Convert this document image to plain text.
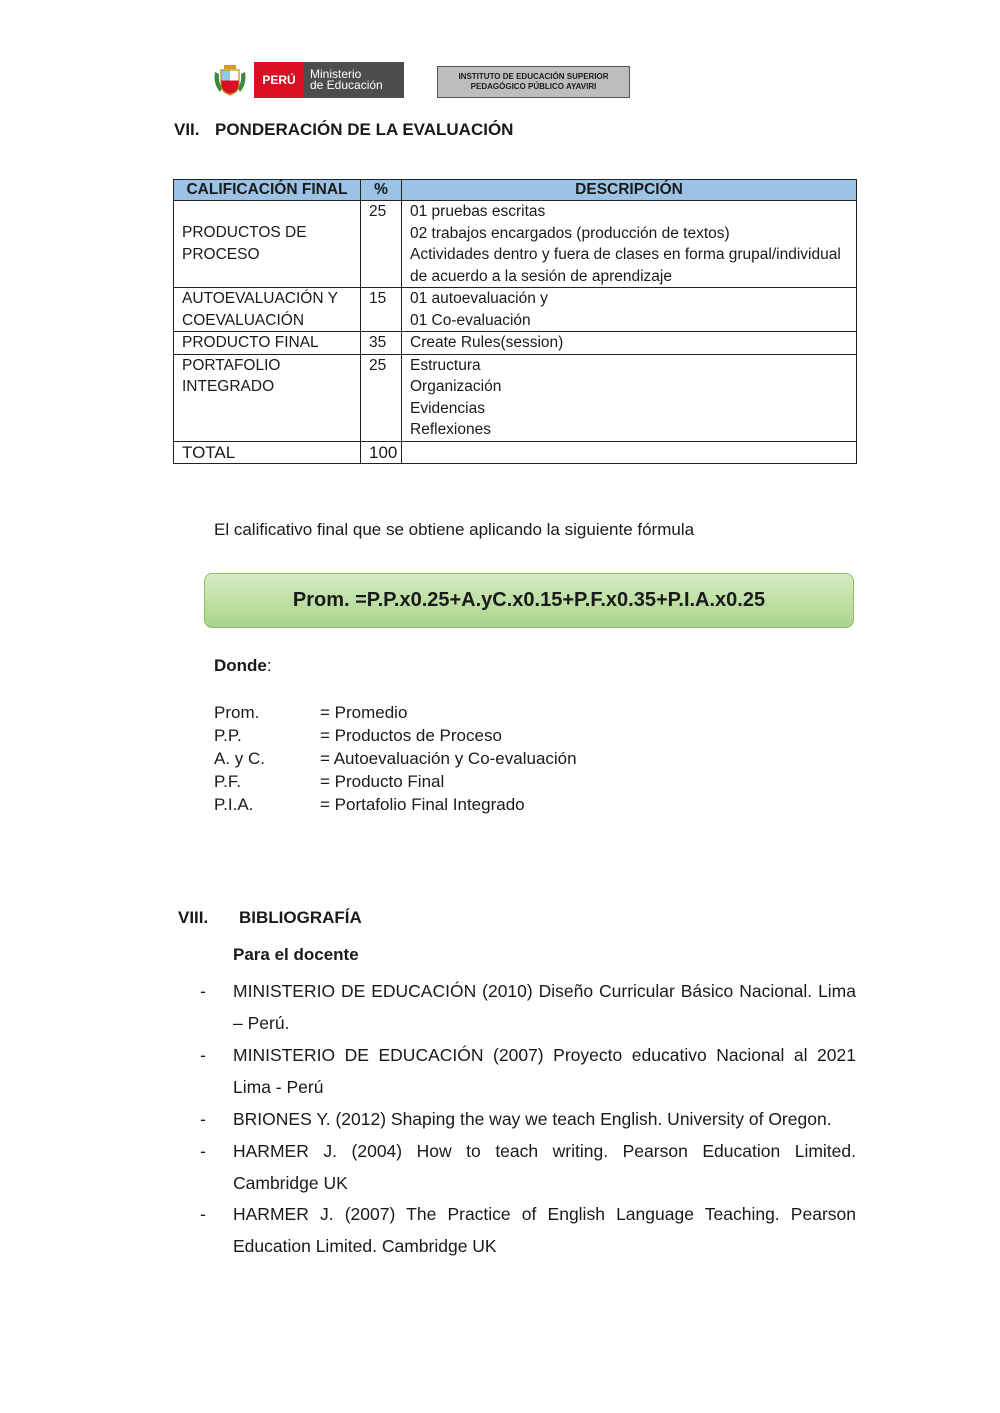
PERÚ	Ministerio
de Educación
INSTITUTO DE EDUCACIÓN SUPERIOR
PEDAGÓGICO PÚBLICO AYAVIRI
VII. PONDERACIÓN DE LA EVALUACIÓN
CALIFICACIÓN FINAL	%	DESCRIPCIÓN
PRODUCTOS DE PROCESO	25	01 pruebas escritas
02 trabajos encargados (producción de textos)
Actividades dentro y fuera de clases en forma grupal/individual de acuerdo a la sesión de aprendizaje

AUTOEVALUACIÓN Y COEVALUACIÓN	15	01 autoevaluación y
01 Co-evaluación

PRODUCTO FINAL	35	Create Rules(session)

PORTAFOLIO INTEGRADO	25	Estructura
Organización
Evidencias
Reflexiones

TOTAL	100	
El calificativo final que se obtiene aplicando la siguiente fórmula
Prom. =P.P.x0.25+A.yC.x0.15+P.F.x0.35+P.I.A.x0.25
Donde:
Prom.	= Promedio
P.P.	= Productos de Proceso
A. y C.	= Autoevaluación y Co-evaluación
P.F.	= Producto Final
P.I.A.	= Portafolio Final Integrado
VIII. BIBLIOGRAFÍA
Para el docente
-	MINISTERIO DE EDUCACIÓN (2010) Diseño Curricular Básico Nacional. Lima – Perú.
-	MINISTERIO DE EDUCACIÓN (2007) Proyecto educativo Nacional al 2021 Lima - Perú
-	BRIONES Y. (2012) Shaping the way we teach English. University of Oregon.
-	HARMER J. (2004) How to teach writing. Pearson Education Limited. Cambridge UK
-	HARMER J. (2007) The Practice of English Language Teaching. Pearson Education Limited. Cambridge UK
